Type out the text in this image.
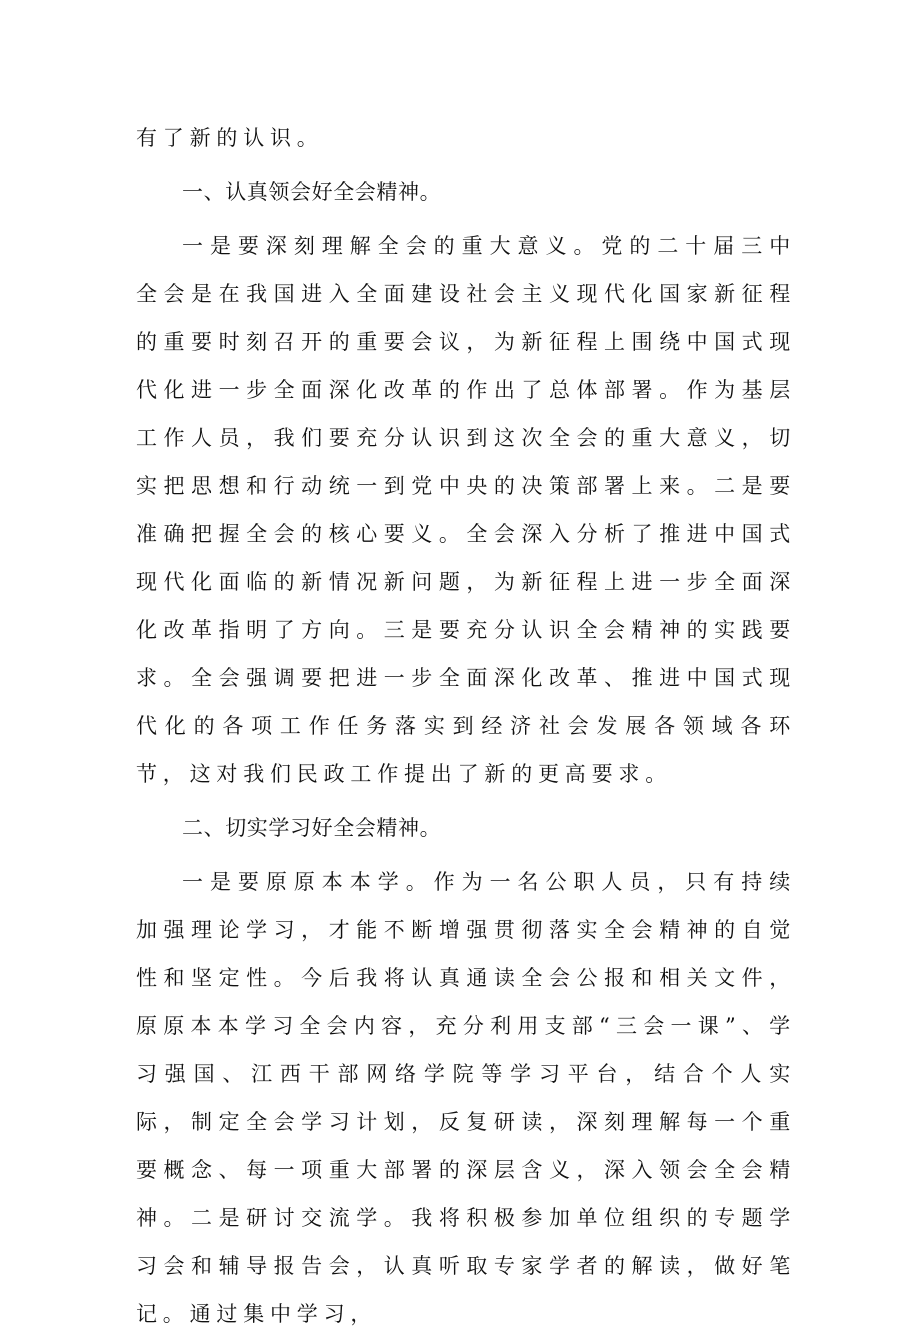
有了新的认识。

一、认真领会好全会精神。

一是要深刻理解全会的重大意义。党的二十届三中全会是在我国进入全面建设社会主义现代化国家新征程的重要时刻召开的重要会议，为新征程上围绕中国式现代化进一步全面深化改革的作出了总体部署。作为基层工作人员，我们要充分认识到这次全会的重大意义，切实把思想和行动统一到党中央的决策部署上来。二是要准确把握全会的核心要义。全会深入分析了推进中国式现代化面临的新情况新问题，为新征程上进一步全面深化改革指明了方向。三是要充分认识全会精神的实践要求。全会强调要把进一步全面深化改革、推进中国式现代化的各项工作任务落实到经济社会发展各领域各环节，这对我们民政工作提出了新的更高要求。

二、切实学习好全会精神。

一是要原原本本学。作为一名公职人员，只有持续加强理论学习，才能不断增强贯彻落实全会精神的自觉性和坚定性。今后我将认真通读全会公报和相关文件，原原本本学习全会内容，充分利用支部“三会一课”、学习强国、江西干部网络学院等学习平台，结合个人实际，制定全会学习计划，反复研读，深刻理解每一个重要概念、每一项重大部署的深层含义，深入领会全会精神。二是研讨交流学。我将积极参加单位组织的专题学习会和辅导报告会，认真听取专家学者的解读，做好笔记。通过集中学习，
